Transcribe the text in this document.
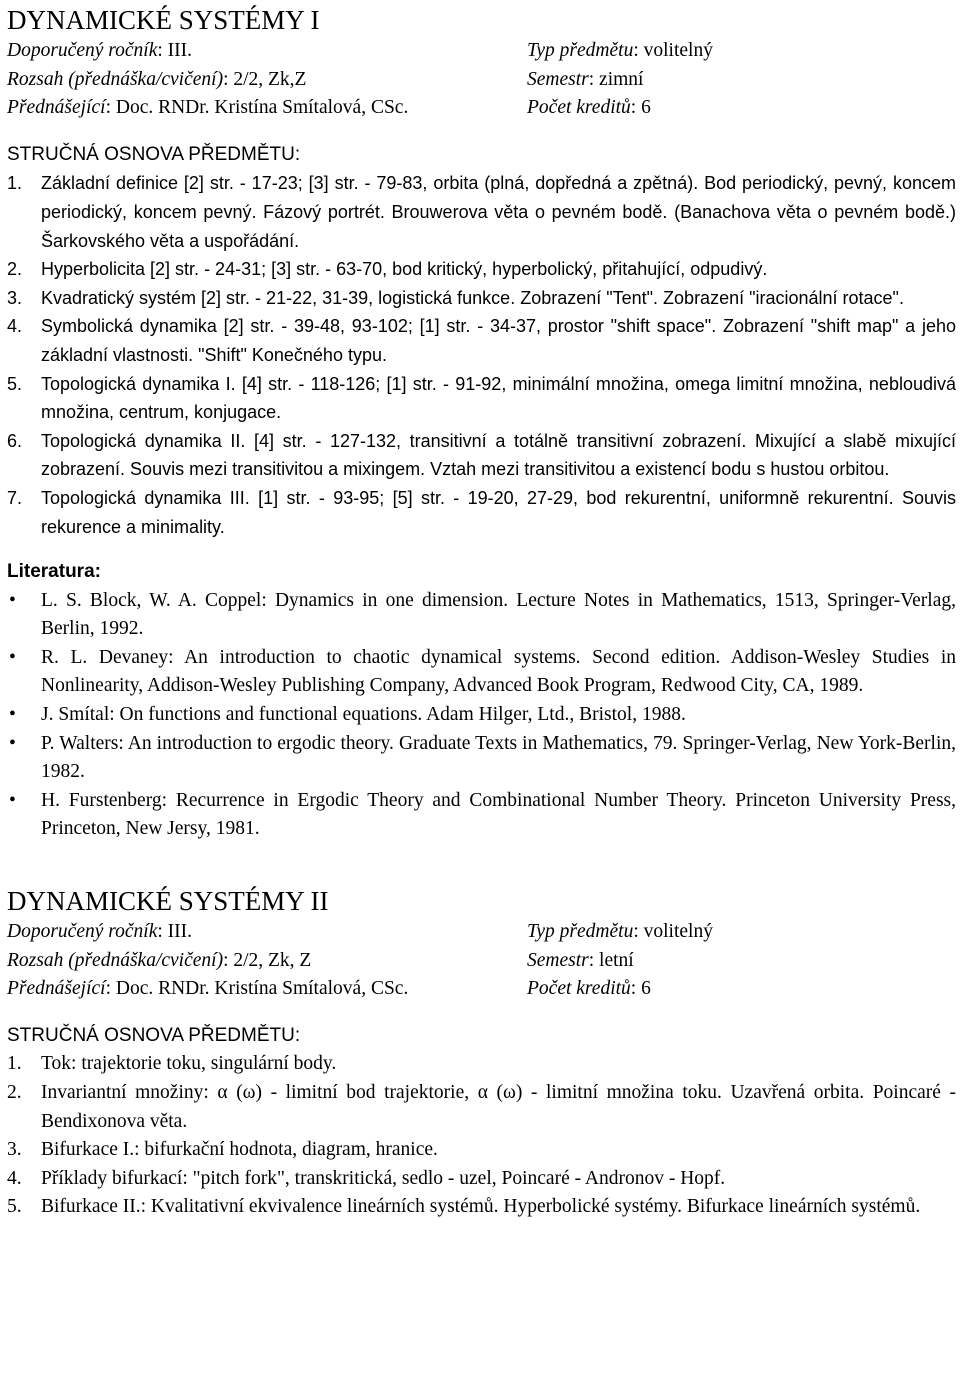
DYNAMICKÉ SYSTÉMY I
Doporučený ročník: III.	Typ předmětu: volitelný
Rozsah (přednáška/cvičení): 2/2, Zk,Z	Semestr: zimní
Přednášející: Doc. RNDr. Kristína Smítalová, CSc.	Počet kreditů: 6
STRUČNÁ OSNOVA PŘEDMĚTU:
1. Základní definice [2] str. - 17-23; [3] str. - 79-83, orbita (plná, dopředná a zpětná). Bod periodický, pevný, koncem periodický, koncem pevný. Fázový portrét. Brouwerova věta o pevném bodě. (Banachova věta o pevném bodě.) Šarkovského věta a uspořádání.
2. Hyperbolicita [2] str. - 24-31; [3] str. - 63-70, bod kritický, hyperbolický, přitahující, odpudivý.
3. Kvadratický systém [2] str. - 21-22, 31-39, logistická funkce. Zobrazení "Tent". Zobrazení "iracionální rotace".
4. Symbolická dynamika [2] str. - 39-48, 93-102; [1] str. - 34-37, prostor "shift space". Zobrazení "shift map" a jeho základní vlastnosti. "Shift" Konečného typu.
5. Topologická dynamika I. [4] str. - 118-126; [1] str. - 91-92, minimální množina, omega limitní množina, nebloudivá množina, centrum, konjugace.
6. Topologická dynamika II. [4] str. - 127-132, transitivní a totálně transitivní zobrazení. Mixující a slabě mixující zobrazení. Souvis mezi transitivitou a mixingem. Vztah mezi transitivitou a existencí bodu s hustou orbitou.
7. Topologická dynamika III. [1] str. - 93-95; [5] str. - 19-20, 27-29, bod rekurentní, uniformně rekurentní. Souvis rekurence a minimality.
Literatura:
• L. S. Block, W. A. Coppel: Dynamics in one dimension. Lecture Notes in Mathematics, 1513, Springer-Verlag, Berlin, 1992.
• R. L. Devaney: An introduction to chaotic dynamical systems. Second edition. Addison-Wesley Studies in Nonlinearity, Addison-Wesley Publishing Company, Advanced Book Program, Redwood City, CA, 1989.
• J. Smítal: On functions and functional equations. Adam Hilger, Ltd., Bristol, 1988.
• P. Walters: An introduction to ergodic theory. Graduate Texts in Mathematics, 79. Springer-Verlag, New York-Berlin, 1982.
• H. Furstenberg: Recurrence in Ergodic Theory and Combinational Number Theory. Princeton University Press, Princeton, New Jersy, 1981.
DYNAMICKÉ SYSTÉMY II
Doporučený ročník: III.	Typ předmětu: volitelný
Rozsah (přednáška/cvičení): 2/2, Zk, Z	Semestr: letní
Přednášející: Doc. RNDr. Kristína Smítalová, CSc.	Počet kreditů: 6
STRUČNÁ OSNOVA PŘEDMĚTU:
1. Tok: trajektorie toku, singulární body.
2. Invariantní množiny: α (ω) - limitní bod trajektorie, α (ω) - limitní množina toku. Uzavřená orbita. Poincaré - Bendixonova věta.
3. Bifurkace I.: bifurkační hodnota, diagram, hranice.
4. Příklady bifurkací: "pitch fork", transkritická, sedlo - uzel, Poincaré - Andronov - Hopf.
5. Bifurkace II.: Kvalitativní ekvivalence lineárních systémů. Hyperbolické systémy. Bifurkace lineárních systémů.
